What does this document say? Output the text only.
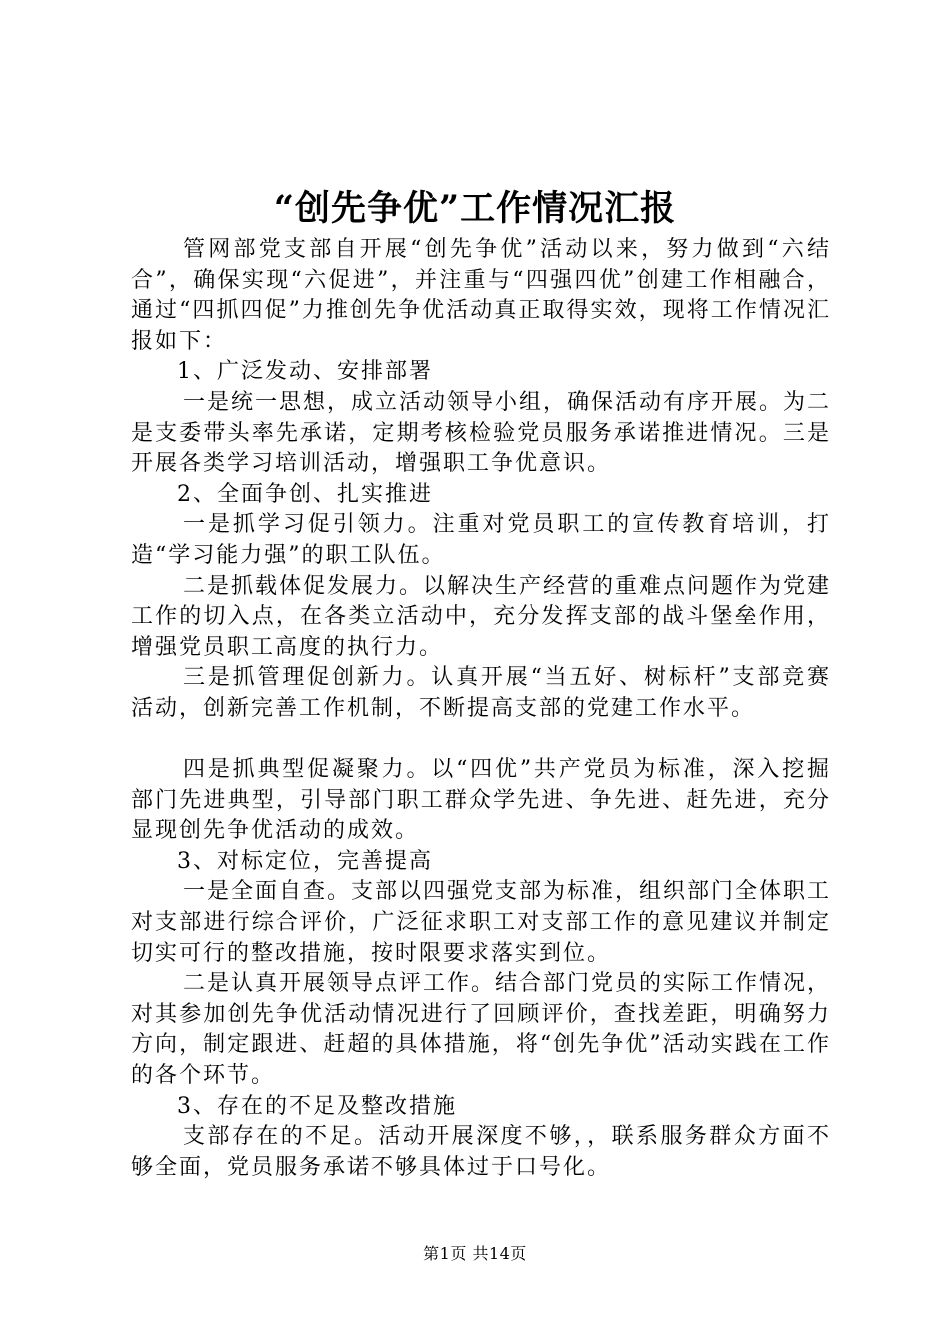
“创先争优”工作情况汇报

管网部党支部自开展“创先争优”活动以来，努力做到“六结合”，确保实现“六促进”，并注重与“四强四优”创建工作相融合，通过“四抓四促”力推创先争优活动真正取得实效，现将工作情况汇报如下：

1、广泛发动、安排部署

一是统一思想，成立活动领导小组，确保活动有序开展。为二是支委带头率先承诺，定期考核检验党员服务承诺推进情况。三是开展各类学习培训活动，增强职工争优意识。

2、全面争创、扎实推进

一是抓学习促引领力。注重对党员职工的宣传教育培训，打造“学习能力强”的职工队伍。

二是抓载体促发展力。以解决生产经营的重难点问题作为党建工作的切入点，在各类立活动中，充分发挥支部的战斗堡垒作用，增强党员职工高度的执行力。

三是抓管理促创新力。认真开展“当五好、树标杆”支部竞赛活动，创新完善工作机制，不断提高支部的党建工作水平。

四是抓典型促凝聚力。以“四优”共产党员为标准，深入挖掘部门先进典型，引导部门职工群众学先进、争先进、赶先进，充分显现创先争优活动的成效。

3、对标定位，完善提高

一是全面自查。支部以四强党支部为标准，组织部门全体职工对支部进行综合评价，广泛征求职工对支部工作的意见建议并制定切实可行的整改措施，按时限要求落实到位。

二是认真开展领导点评工作。结合部门党员的实际工作情况，对其参加创先争优活动情况进行了回顾评价，查找差距，明确努力方向，制定跟进、赶超的具体措施，将“创先争优”活动实践在工作的各个环节。

3、存在的不足及整改措施

支部存在的不足。活动开展深度不够，，联系服务群众方面不够全面，党员服务承诺不够具体过于口号化。

第1页 共14页
